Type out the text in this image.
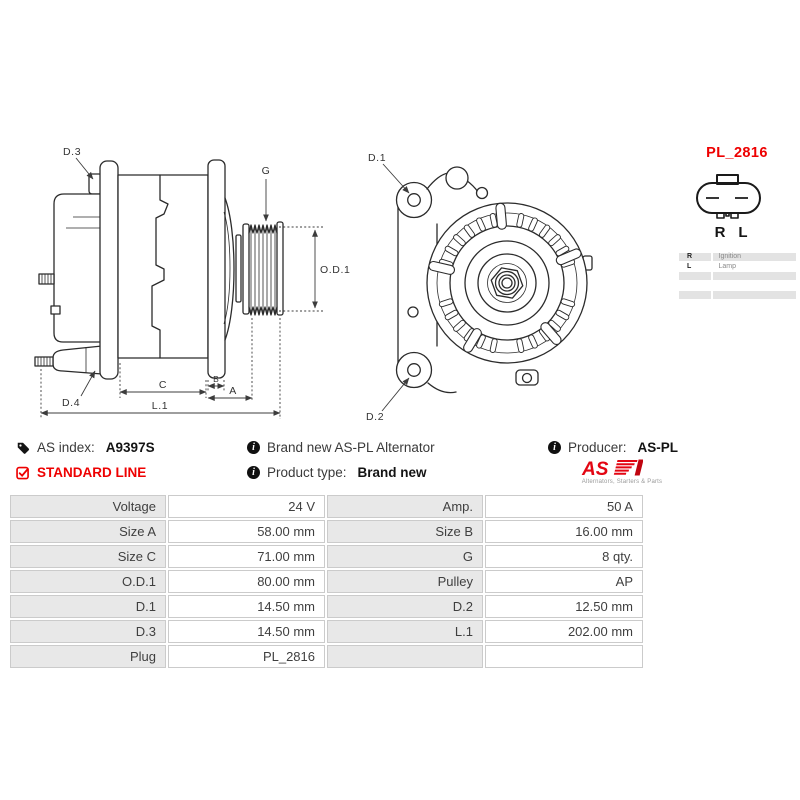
D.3
G
O.D.1
D.4
C	B
A
L.1
D.1
D.2
PL_2816
R L
R	Ignition
L	Lamp
AS index: A9397S
STANDARD LINE
i Brand new AS-PL Alternator
i Product type: Brand new
i Producer: AS-PL
AS
Alternators, Starters & Parts
Voltage	24 V	Amp.	50 A
Size A	58.00 mm	Size B	16.00 mm
Size C	71.00 mm	G	8 qty.
O.D.1	80.00 mm	Pulley	AP
D.1	14.50 mm	D.2	12.50 mm
D.3	14.50 mm	L.1	202.00 mm
Plug	PL_2816		
